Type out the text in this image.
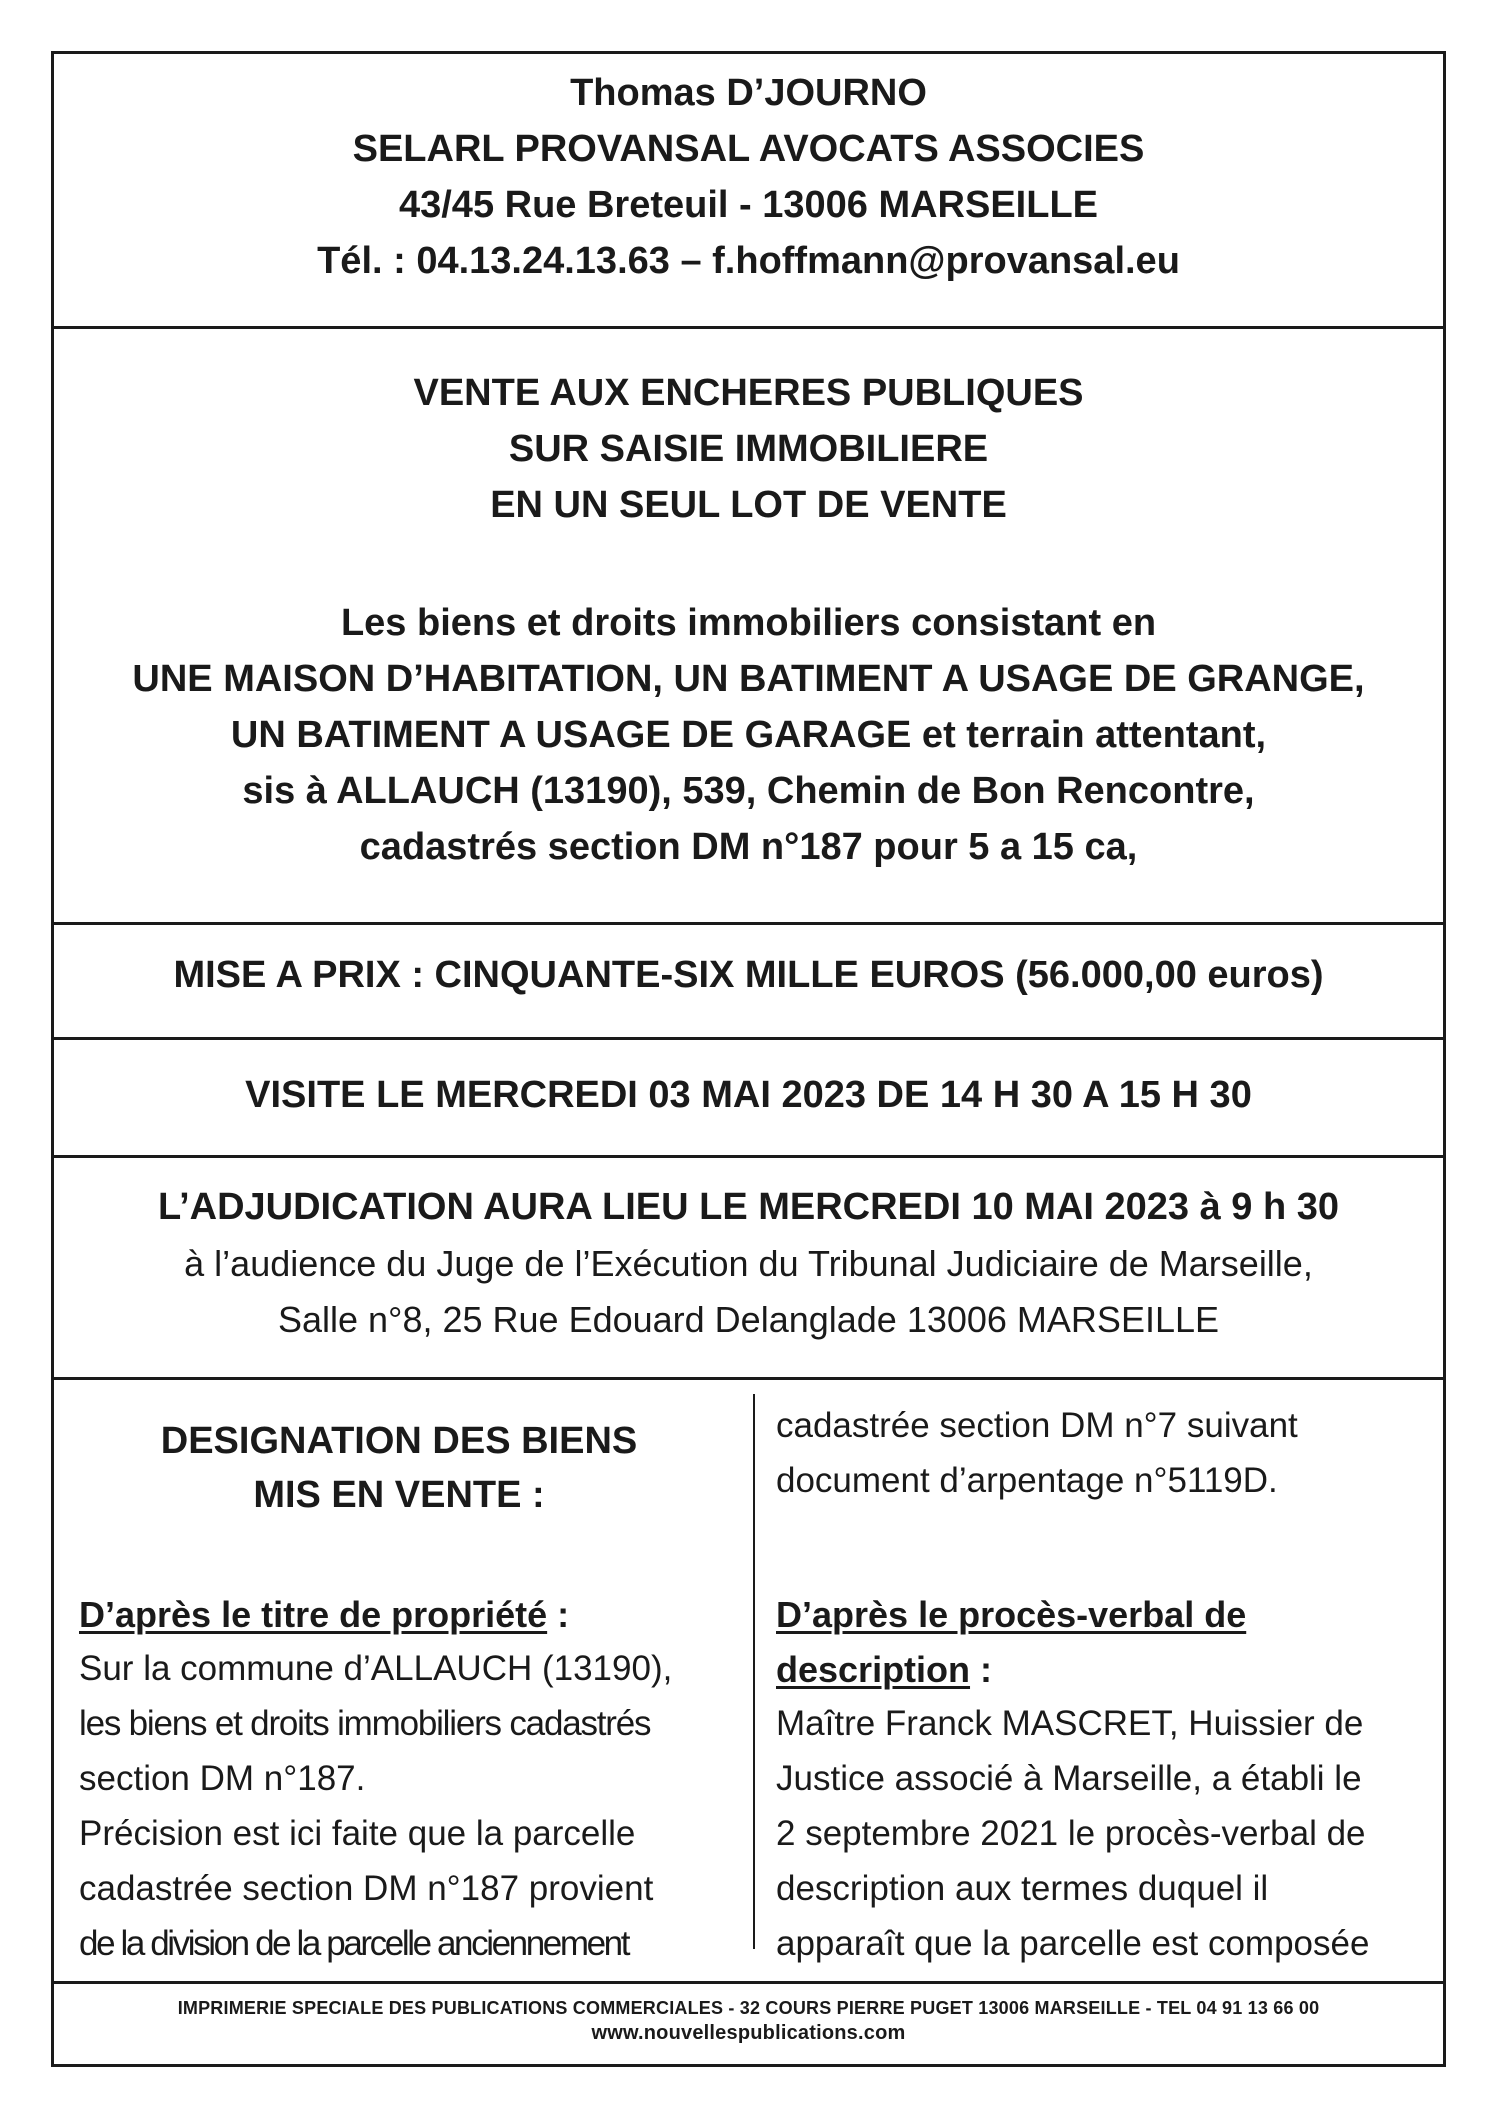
Thomas D’JOURNO
SELARL PROVANSAL AVOCATS ASSOCIES
43/45 Rue Breteuil - 13006 MARSEILLE
Tél. : 04.13.24.13.63 – f.hoffmann@provansal.eu
VENTE AUX ENCHERES PUBLIQUES
SUR SAISIE IMMOBILIERE
EN UN SEUL LOT DE VENTE
Les biens et droits immobiliers consistant en
UNE MAISON D’HABITATION, UN BATIMENT A USAGE DE GRANGE,
UN BATIMENT A USAGE DE GARAGE et terrain attentant,
sis à ALLAUCH (13190), 539, Chemin de Bon Rencontre,
cadastrés section DM n°187 pour 5 a 15 ca,
MISE A PRIX : CINQUANTE-SIX MILLE EUROS (56.000,00 euros)
VISITE LE MERCREDI 03 MAI 2023 DE 14 H 30 A 15 H 30
L’ADJUDICATION AURA LIEU LE MERCREDI 10 MAI 2023 à 9 h 30
à l’audience du Juge de l’Exécution du Tribunal Judiciaire de Marseille,
Salle n°8, 25 Rue Edouard Delanglade 13006 MARSEILLE

DESIGNATION DES BIENS

MIS EN VENTE :

D’après le titre de propriété :

Sur la commune d’ALLAUCH (13190),

les biens et droits immobiliers cadastrés

section DM n°187.

Précision est ici faite que la parcelle

cadastrée section DM n°187 provient

de la division de la parcelle anciennement

cadastrée section DM n°7 suivant

document d’arpentage n°5119D.

D’après le procès-verbal de

description :

Maître Franck MASCRET, Huissier de

Justice associé à Marseille, a établi le

2 septembre 2021 le procès-verbal de

description aux termes duquel il

apparaît que la parcelle est composée

IMPRIMERIE SPECIALE DES PUBLICATIONS COMMERCIALES - 32 COURS PIERRE PUGET 13006 MARSEILLE - TEL 04 91 13 66 00
www.nouvellespublications.com
